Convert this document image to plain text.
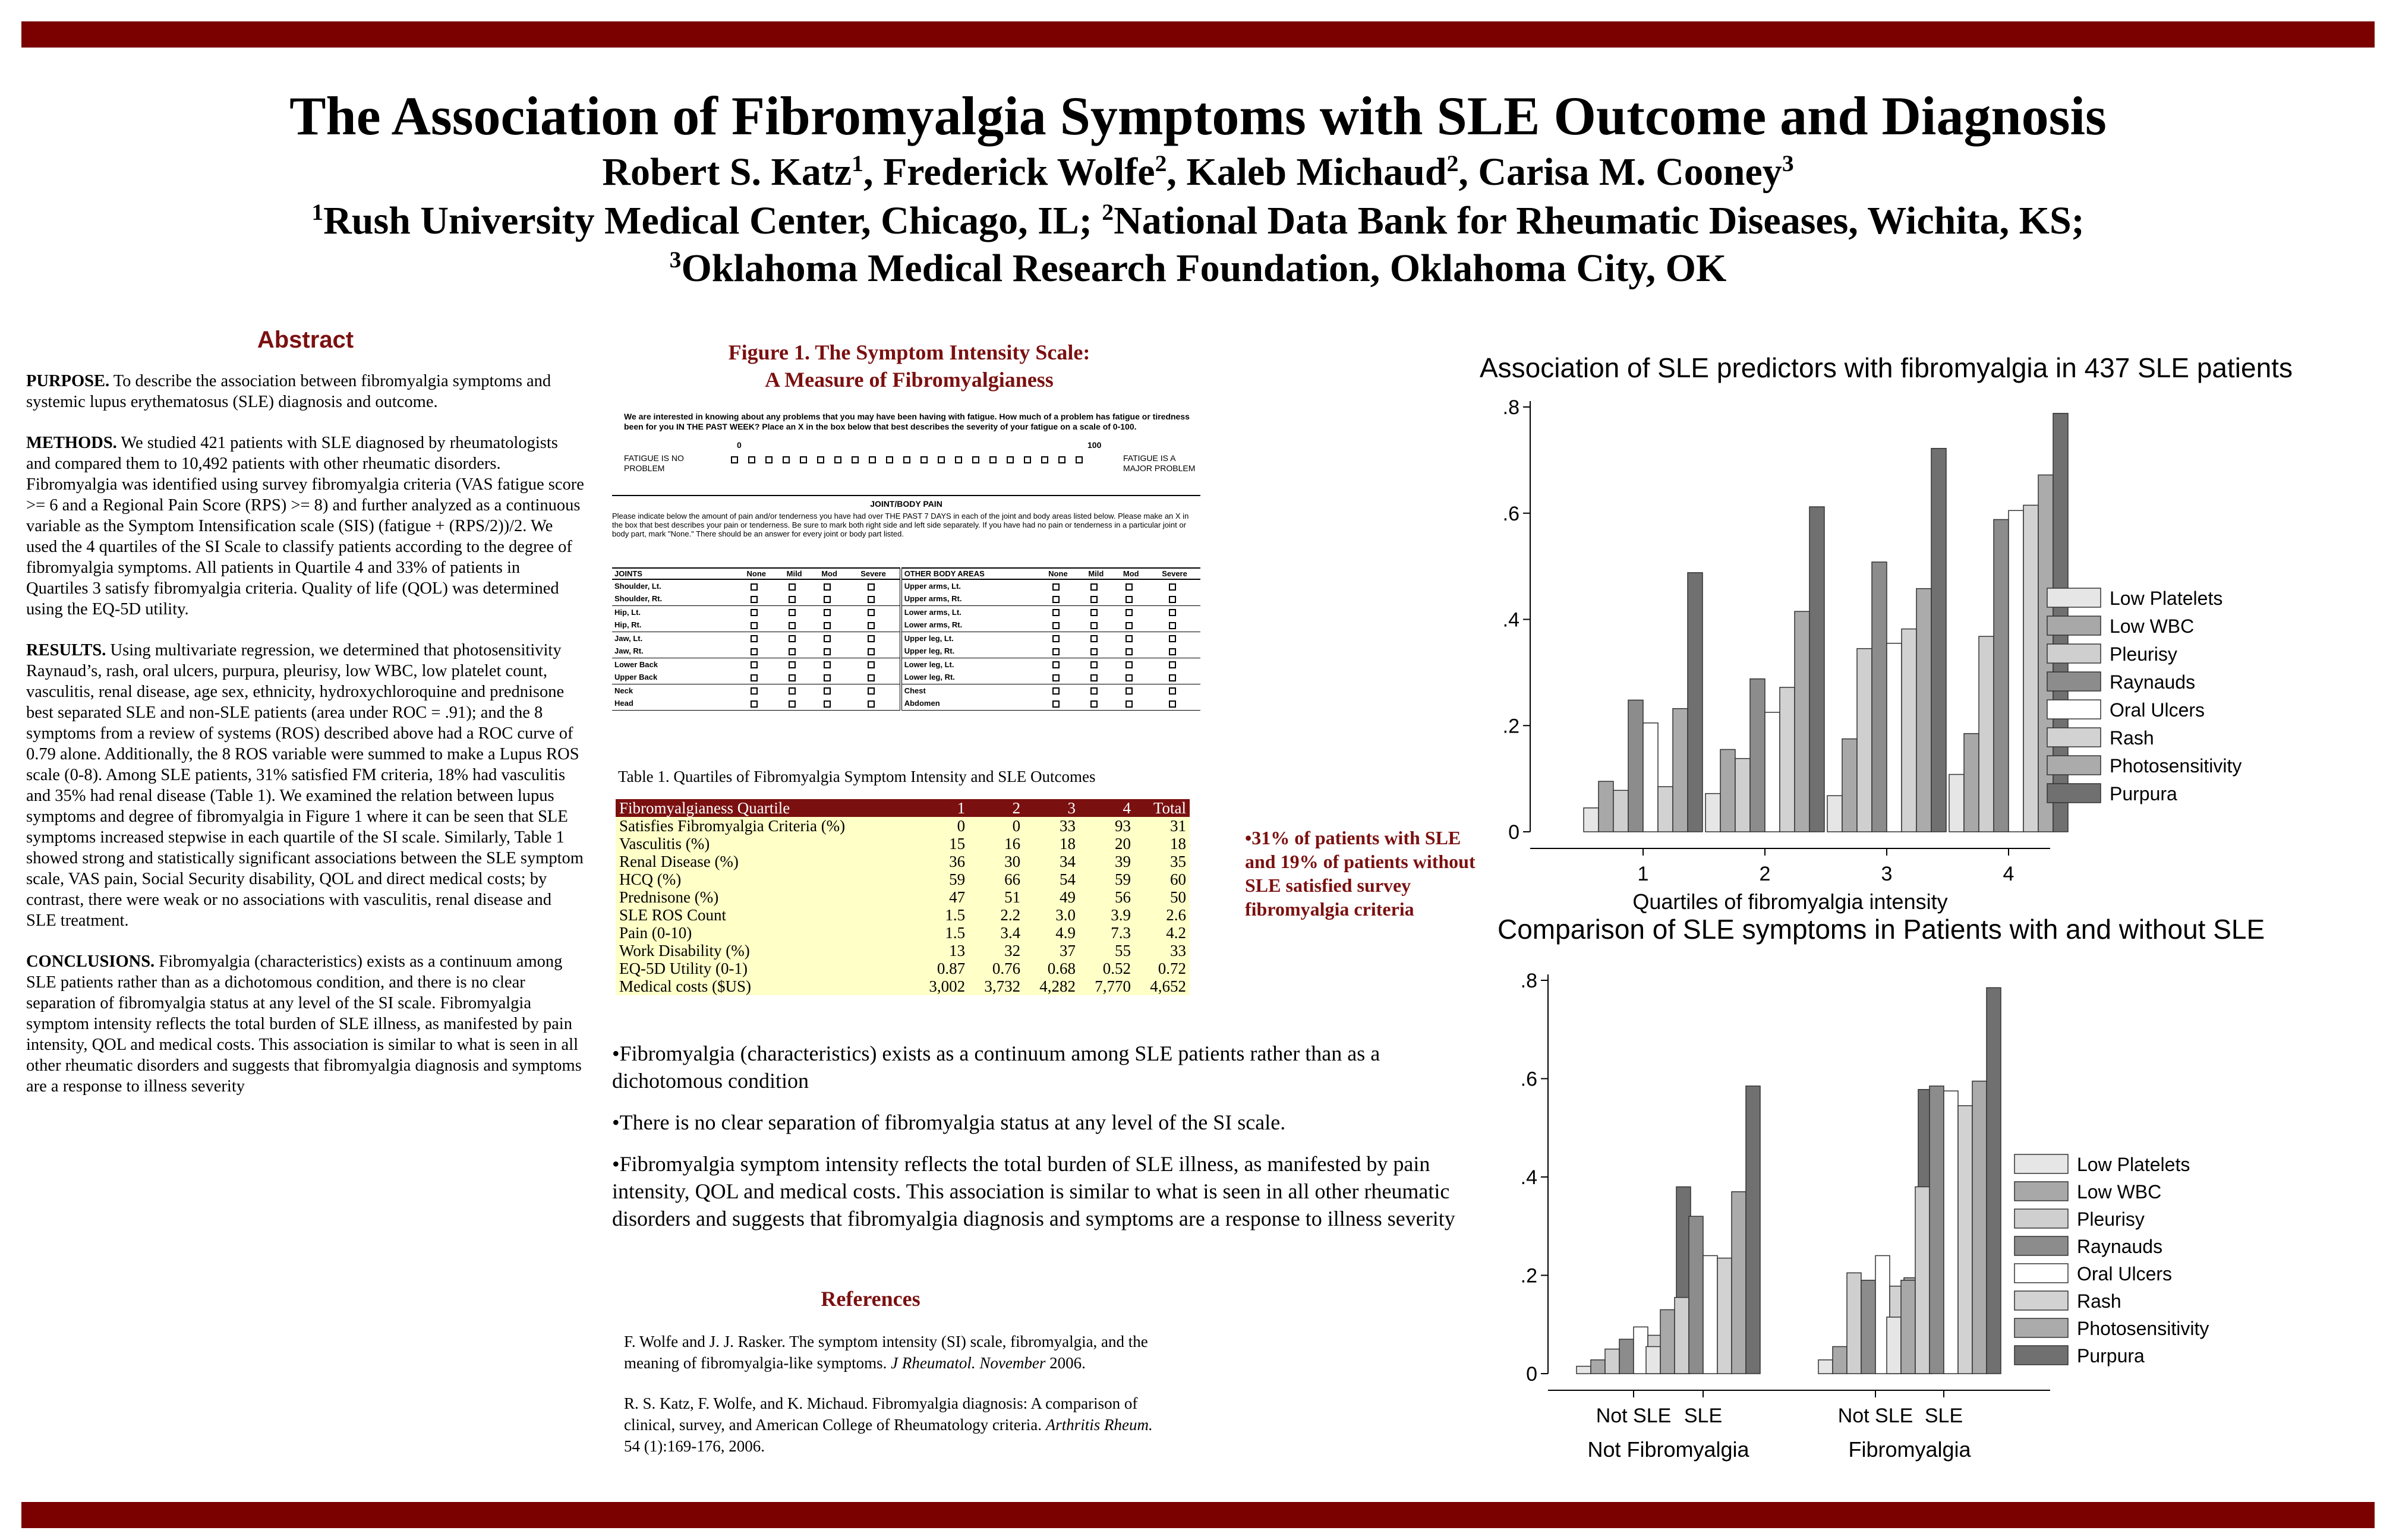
The Association of Fibromyalgia Symptoms with SLE Outcome and Diagnosis
Robert S. Katz$^1$, Frederick Wolfe$^2$, Kaleb Michaud$^2$, Carisa M. Cooney$^3$
$^1$Rush University Medical Center, Chicago, IL; $^2$National Data Bank for Rheumatic Diseases, Wichita, KS;
$^3$Oklahoma Medical Research Foundation, Oklahoma City, OK
Abstract

PURPOSE. To describe the association between fibromyalgia symptoms and systemic lupus erythematosus (SLE) diagnosis and outcome.

METHODS. We studied 421 patients with SLE diagnosed by rheumatologists and compared them to 10,492 patients with other rheumatic disorders. Fibromyalgia was identified using survey fibromyalgia criteria (VAS fatigue score >= 6 and a Regional Pain Score (RPS) >= 8) and further analyzed as a continuous variable as the Symptom Intensification scale (SIS) (fatigue + (RPS/2))/2. We used the 4 quartiles of the SI Scale to classify patients according to the degree of fibromyalgia symptoms. All patients in Quartile 4 and 33% of patients in Quartiles 3 satisfy fibromyalgia criteria. Quality of life (QOL) was determined using the EQ-5D utility.

RESULTS. Using multivariate regression, we determined that photosensitivity Raynaud’s, rash, oral ulcers, purpura, pleurisy, low WBC, low platelet count, vasculitis, renal disease, age sex, ethnicity, hydroxychloroquine and prednisone best separated SLE and non-SLE patients (area under ROC = .91); and the 8 symptoms from a review of systems (ROS) described above had a ROC curve of 0.79 alone. Additionally, the 8 ROS variable were summed to make a Lupus ROS scale (0-8). Among SLE patients, 31% satisfied FM criteria, 18% had vasculitis and 35% had renal disease (Table 1). We examined the relation between lupus symptoms and degree of fibromyalgia in Figure 1 where it can be seen that SLE symptoms increased stepwise in each quartile of the SI scale. Similarly, Table 1 showed strong and statistically significant associations between the SLE symptom scale, VAS pain, Social Security disability, QOL and direct medical costs; by contrast, there were weak or no associations with vasculitis, renal disease and SLE treatment.

CONCLUSIONS. Fibromyalgia (characteristics) exists as a continuum among SLE patients rather than as a dichotomous condition, and there is no clear separation of fibromyalgia status at any level of the SI scale. Fibromyalgia symptom intensity reflects the total burden of SLE illness, as manifested by pain intensity, QOL and medical costs. This association is similar to what is seen in all other rheumatic disorders and suggests that fibromyalgia diagnosis and symptoms are a response to illness severity

Figure 1. The Symptom Intensity Scale:
A Measure of Fibromyalgianess
We are interested in knowing about any problems that you may have been having with fatigue. How much of a problem has fatigue or tiredness been for you IN THE PAST WEEK? Place an X in the box below that best describes the severity of your fatigue on a scale of 0-100.
0	100
FATIGUE IS NO PROBLEM
FATIGUE IS A MAJOR PROBLEM
JOINT/BODY PAIN
Please indicate below the amount of pain and/or tenderness you have had over THE PAST 7 DAYS in each of the joint and body areas listed below. Please make an X in the box that best describes your pain or tenderness. Be sure to mark both right side and left side separately. If you have had no pain or tenderness in a particular joint or body part, mark "None." There should be an answer for every joint or body part listed.
JOINTS	None	Mild	Mod	Severe	OTHER BODY AREAS	None	Mild	Mod	Severe
Shoulder, Lt.					Upper arms, Lt.				
Shoulder, Rt.					Upper arms, Rt.				
Hip, Lt.					Lower arms, Lt.				
Hip, Rt.					Lower arms, Rt.				
Jaw, Lt.					Upper leg, Lt.				
Jaw, Rt.					Upper leg, Rt.				
Lower Back					Lower leg, Lt.				
Upper Back					Lower leg, Rt.				
Neck					Chest				
Head					Abdomen				
Table 1. Quartiles of Fibromyalgia Symptom Intensity and SLE Outcomes
Fibromyalgianess Quartile	1	2	3	4	Total
Satisfies Fibromyalgia Criteria (%)	0	0	33	93	31
Vasculitis (%)	15	16	18	20	18
Renal Disease (%)	36	30	34	39	35
HCQ (%)	59	66	54	59	60
Prednisone (%)	47	51	49	56	50
SLE ROS Count	1.5	2.2	3.0	3.9	2.6
Pain (0-10)	1.5	3.4	4.9	7.3	4.2
Work Disability (%)	13	32	37	55	33
EQ-5D Utility (0-1)	0.87	0.76	0.68	0.52	0.72
Medical costs ($US)	3,002	3,732	4,282	7,770	4,652
•31% of patients with SLE and 19% of patients without SLE satisfied survey fibromyalgia criteria

•Fibromyalgia (characteristics) exists as a continuum among SLE patients rather than as a dichotomous condition

•There is no clear separation of fibromyalgia status at any level of the SI scale.

•Fibromyalgia symptom intensity reflects the total burden of SLE illness, as manifested by pain intensity, QOL and medical costs. This association is similar to what is seen in all other rheumatic disorders and suggests that fibromyalgia diagnosis and symptoms are a response to illness severity

References

F. Wolfe and J. J. Rasker. The symptom intensity (SI) scale, fibromyalgia, and the meaning of fibromyalgia-like symptoms. J Rheumatol. November 2006.

R. S. Katz, F. Wolfe, and K. Michaud. Fibromyalgia diagnosis: A comparison of clinical, survey, and American College of Rheumatology criteria. Arthritis Rheum. 54 (1):169-176, 2006.

Association of SLE predictors with fibromyalgia in 437 SLE patients
0
.2
.4
.6
.8
1	2	3	4
Quartiles of fibromyalgia intensity
Low Platelets
Low WBC
Pleurisy
Raynauds
Oral Ulcers
Rash
Photosensitivity
Purpura
Comparison of SLE symptoms in Patients with and without SLE
0
.2
.4
.6
.8
Not SLE SLE	Not SLE SLE
Not Fibromyalgia	Fibromyalgia
Low Platelets
Low WBC
Pleurisy
Raynauds
Oral Ulcers
Rash
Photosensitivity
Purpura
